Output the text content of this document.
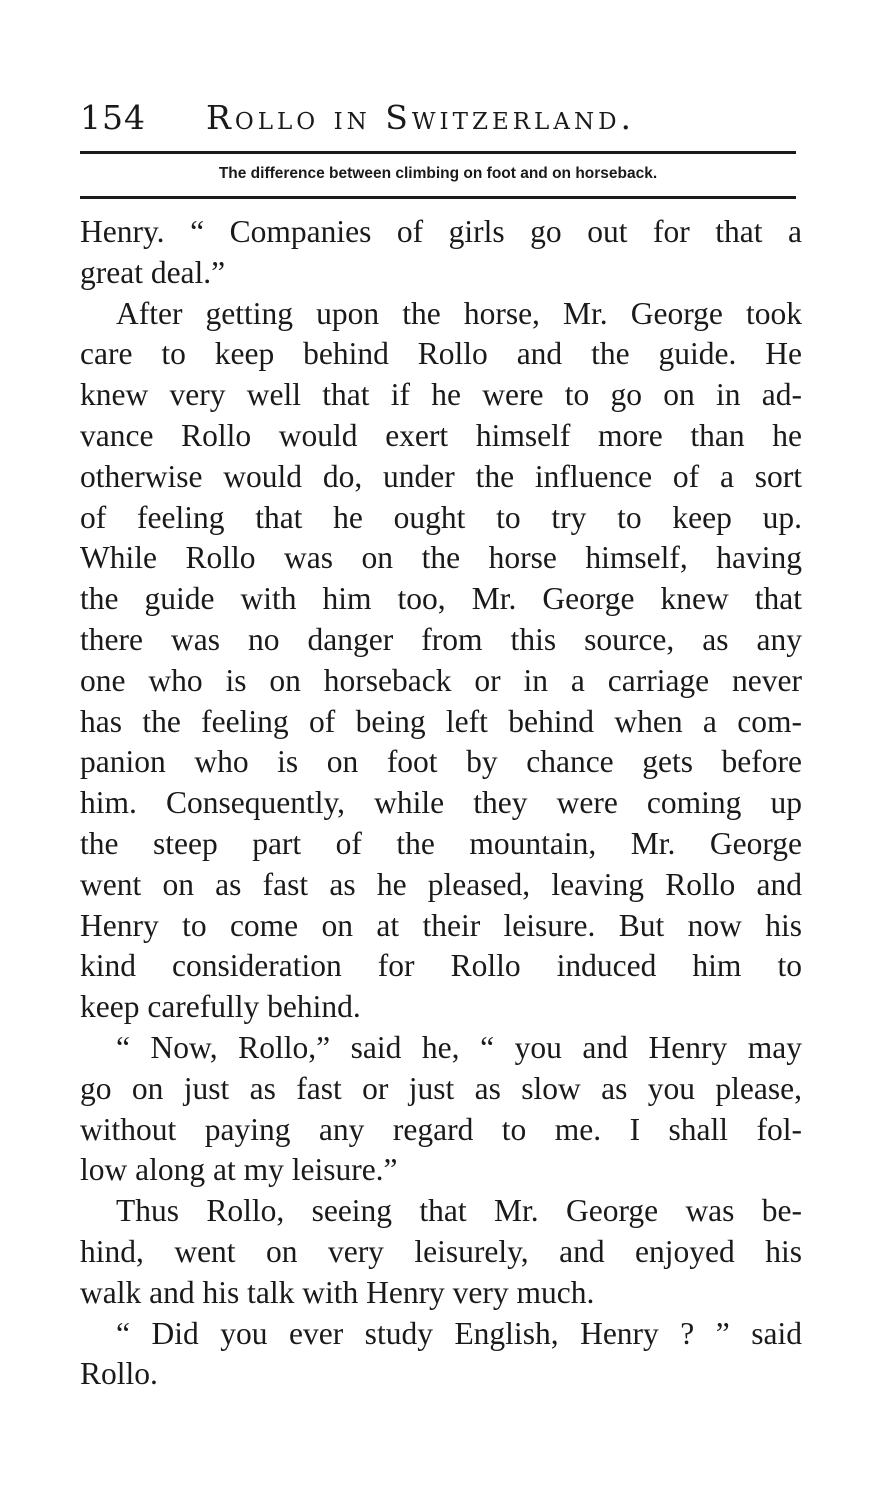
154 Rollo in Switzerland.
The difference between climbing on foot and on horseback.
Henry. “ Companies of girls go out for that a
great deal.”
After getting upon the horse, Mr. George took
care to keep behind Rollo and the guide. He
knew very well that if he were to go on in ad-
vance Rollo would exert himself more than he
otherwise would do, under the influence of a sort
of feeling that he ought to try to keep up.
While Rollo was on the horse himself, having
the guide with him too, Mr. George knew that
there was no danger from this source, as any
one who is on horseback or in a carriage never
has the feeling of being left behind when a com-
panion who is on foot by chance gets before
him. Consequently, while they were coming up
the steep part of the mountain, Mr. George
went on as fast as he pleased, leaving Rollo and
Henry to come on at their leisure. But now his
kind consideration for Rollo induced him to
keep carefully behind.
“ Now, Rollo,” said he, “ you and Henry may
go on just as fast or just as slow as you please,
without paying any regard to me. I shall fol-
low along at my leisure.”
Thus Rollo, seeing that Mr. George was be-
hind, went on very leisurely, and enjoyed his
walk and his talk with Henry very much.
“ Did you ever study English, Henry ? ” said
Rollo.
